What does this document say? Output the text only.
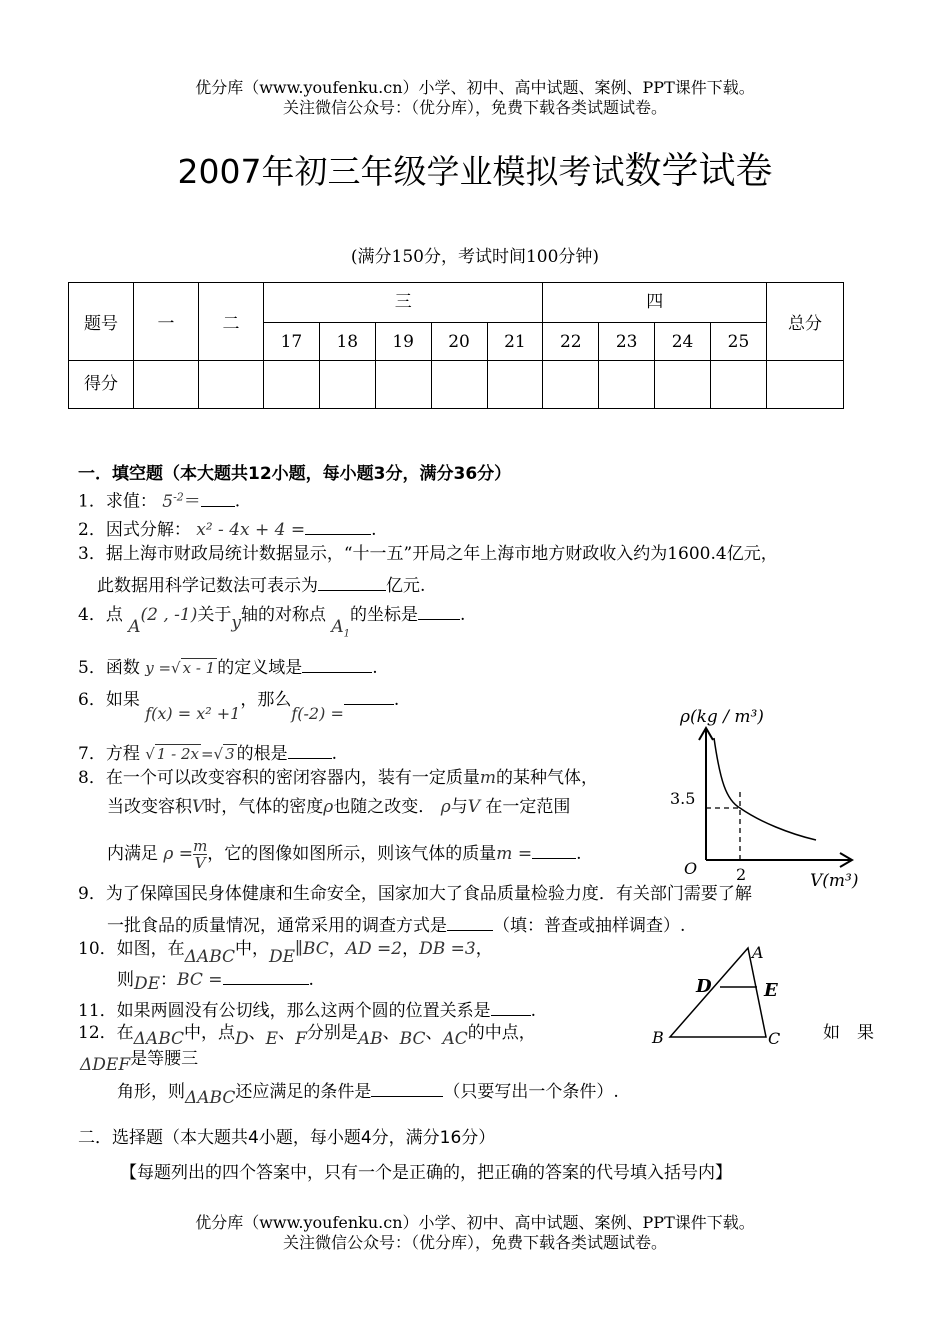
优分库（www.youfenku.cn）小学、初中、高中试题、案例、PPT课件下载。
关注微信公众号：（优分库），免费下载各类试题试卷。
2007年初三年级学业模拟考试数学试卷
(满分150分，考试时间100分钟)
题号	一	二	三					四				总分
			17	18	19	20	21	22	23	24	25	
得分												
一．填空题（本大题共12小题，每小题3分，满分36分）
1．求值： $5^{-2}=$ .
2．因式分解： x² - 4x + 4 =	.
3．据上海市财政局统计数据显示，“十一五”开局之年上海市地方财政收入约为1600.4亿元，
此数据用科学记数法可表示为	亿元.
4．点 A(2 , -1)关于y轴的对称点 $A_1$的坐标是 .
5．函数 y =√ x - 1 的定义域是	.
6．如果 f(x) = x² +1，那么f(-2) =.
7．方程 √ 1 - 2x =√ 3 的根是	.
8．在一个可以改变容积的密闭容器内，装有一定质量m的某种气体，
当改变容积V时，气体的密度ρ也随之改变． ρ与V 在一定范围
内满足 $\rho = \frac{m}{V}$ ，它的图像如图所示，则该气体的质量m =	.
9．为了保障国民身体健康和生命安全，国家加大了食品质量检验力度．有关部门需要了解
一批食品的质量情况，通常采用的调查方式是	（填：普查或抽样调查）.
10．如图，在ΔABC中，DE∥BC，AD =2，DB =3，
则DE：BC =	.
11．如果两圆没有公切线，那么这两个圆的位置关系是 .
12．在ΔABC中，点D、E、F分别是AB、BC、AC的中点，	如　果
ΔDEF是等腰三
角形，则ΔABC还应满足的条件是	（只要写出一个条件）.
二．选择题（本大题共4小题，每小题4分，满分16分）
【每题列出的四个答案中，只有一个是正确的，把正确的答案的代号填入括号内】
优分库（www.youfenku.cn）小学、初中、高中试题、案例、PPT课件下载。
关注微信公众号：（优分库），免费下载各类试题试卷。
ρ(kg / m³)
3.5
2
O
V(m³)
A
B	C
D	E
